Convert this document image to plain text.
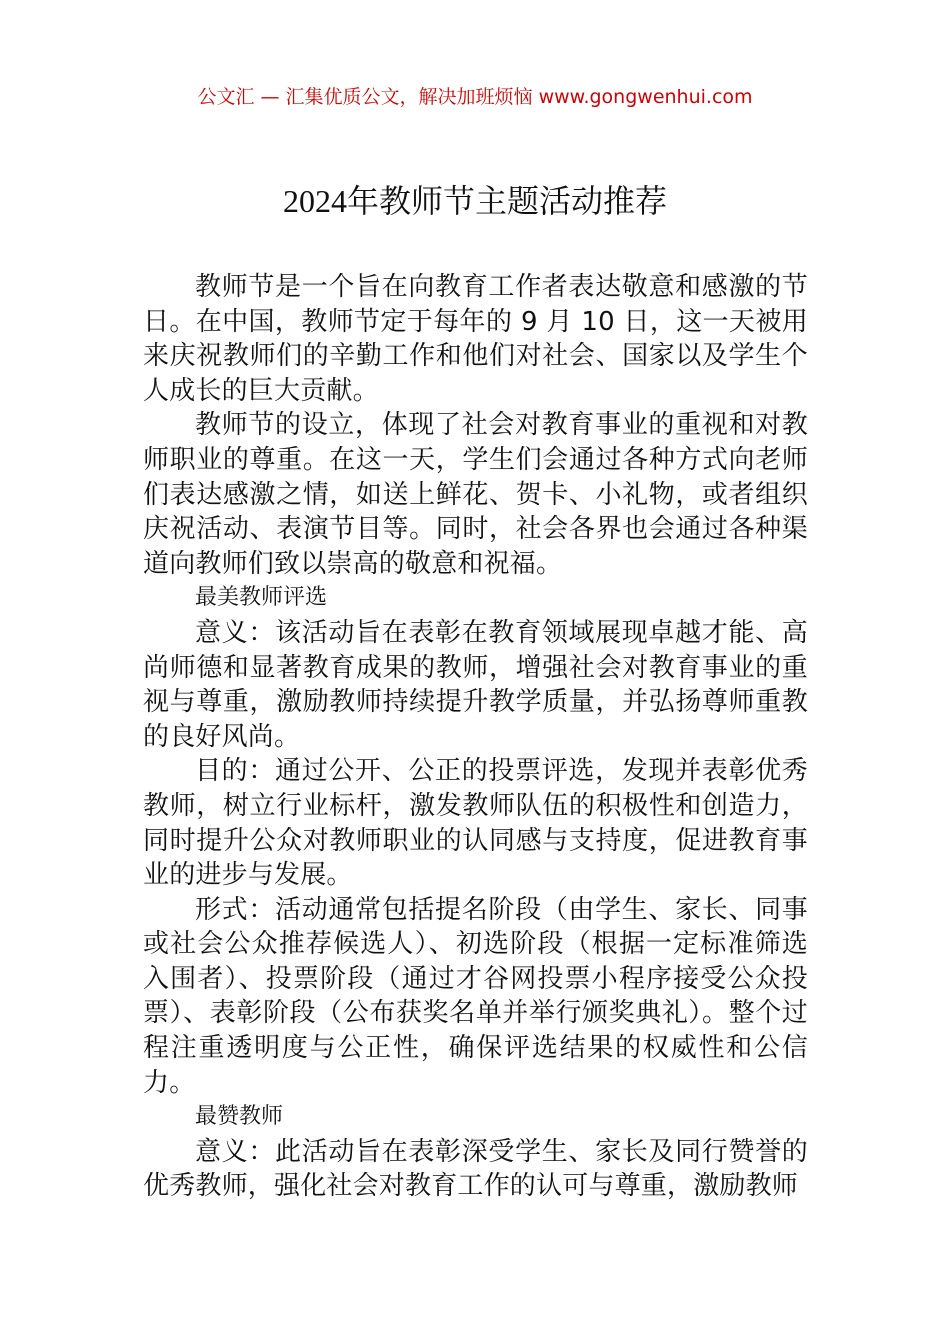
公文汇 — 汇集优质公文，解决加班烦恼 www.gongwenhui.com
2024年教师节主题活动推荐

教师节是一个旨在向教育工作者表达敬意和感激的节日。在中国，教师节定于每年的 9 月 10 日，这一天被用来庆祝教师们的辛勤工作和他们对社会、国家以及学生个人成长的巨大贡献。

教师节的设立，体现了社会对教育事业的重视和对教师职业的尊重。在这一天，学生们会通过各种方式向老师们表达感激之情，如送上鲜花、贺卡、小礼物，或者组织庆祝活动、表演节目等。同时，社会各界也会通过各种渠道向教师们致以崇高的敬意和祝福。

最美教师评选

意义：该活动旨在表彰在教育领域展现卓越才能、高尚师德和显著教育成果的教师，增强社会对教育事业的重视与尊重，激励教师持续提升教学质量，并弘扬尊师重教的良好风尚。

目的：通过公开、公正的投票评选，发现并表彰优秀教师，树立行业标杆，激发教师队伍的积极性和创造力，同时提升公众对教师职业的认同感与支持度，促进教育事业的进步与发展。

形式：活动通常包括提名阶段（由学生、家长、同事或社会公众推荐候选人）、初选阶段（根据一定标准筛选入围者）、投票阶段（通过才谷网投票小程序接受公众投票）、表彰阶段（公布获奖名单并举行颁奖典礼）。整个过程注重透明度与公正性，确保评选结果的权威性和公信力。

最赞教师

意义：此活动旨在表彰深受学生、家长及同行赞誉的优秀教师，强化社会对教育工作的认可与尊重，激励教师
